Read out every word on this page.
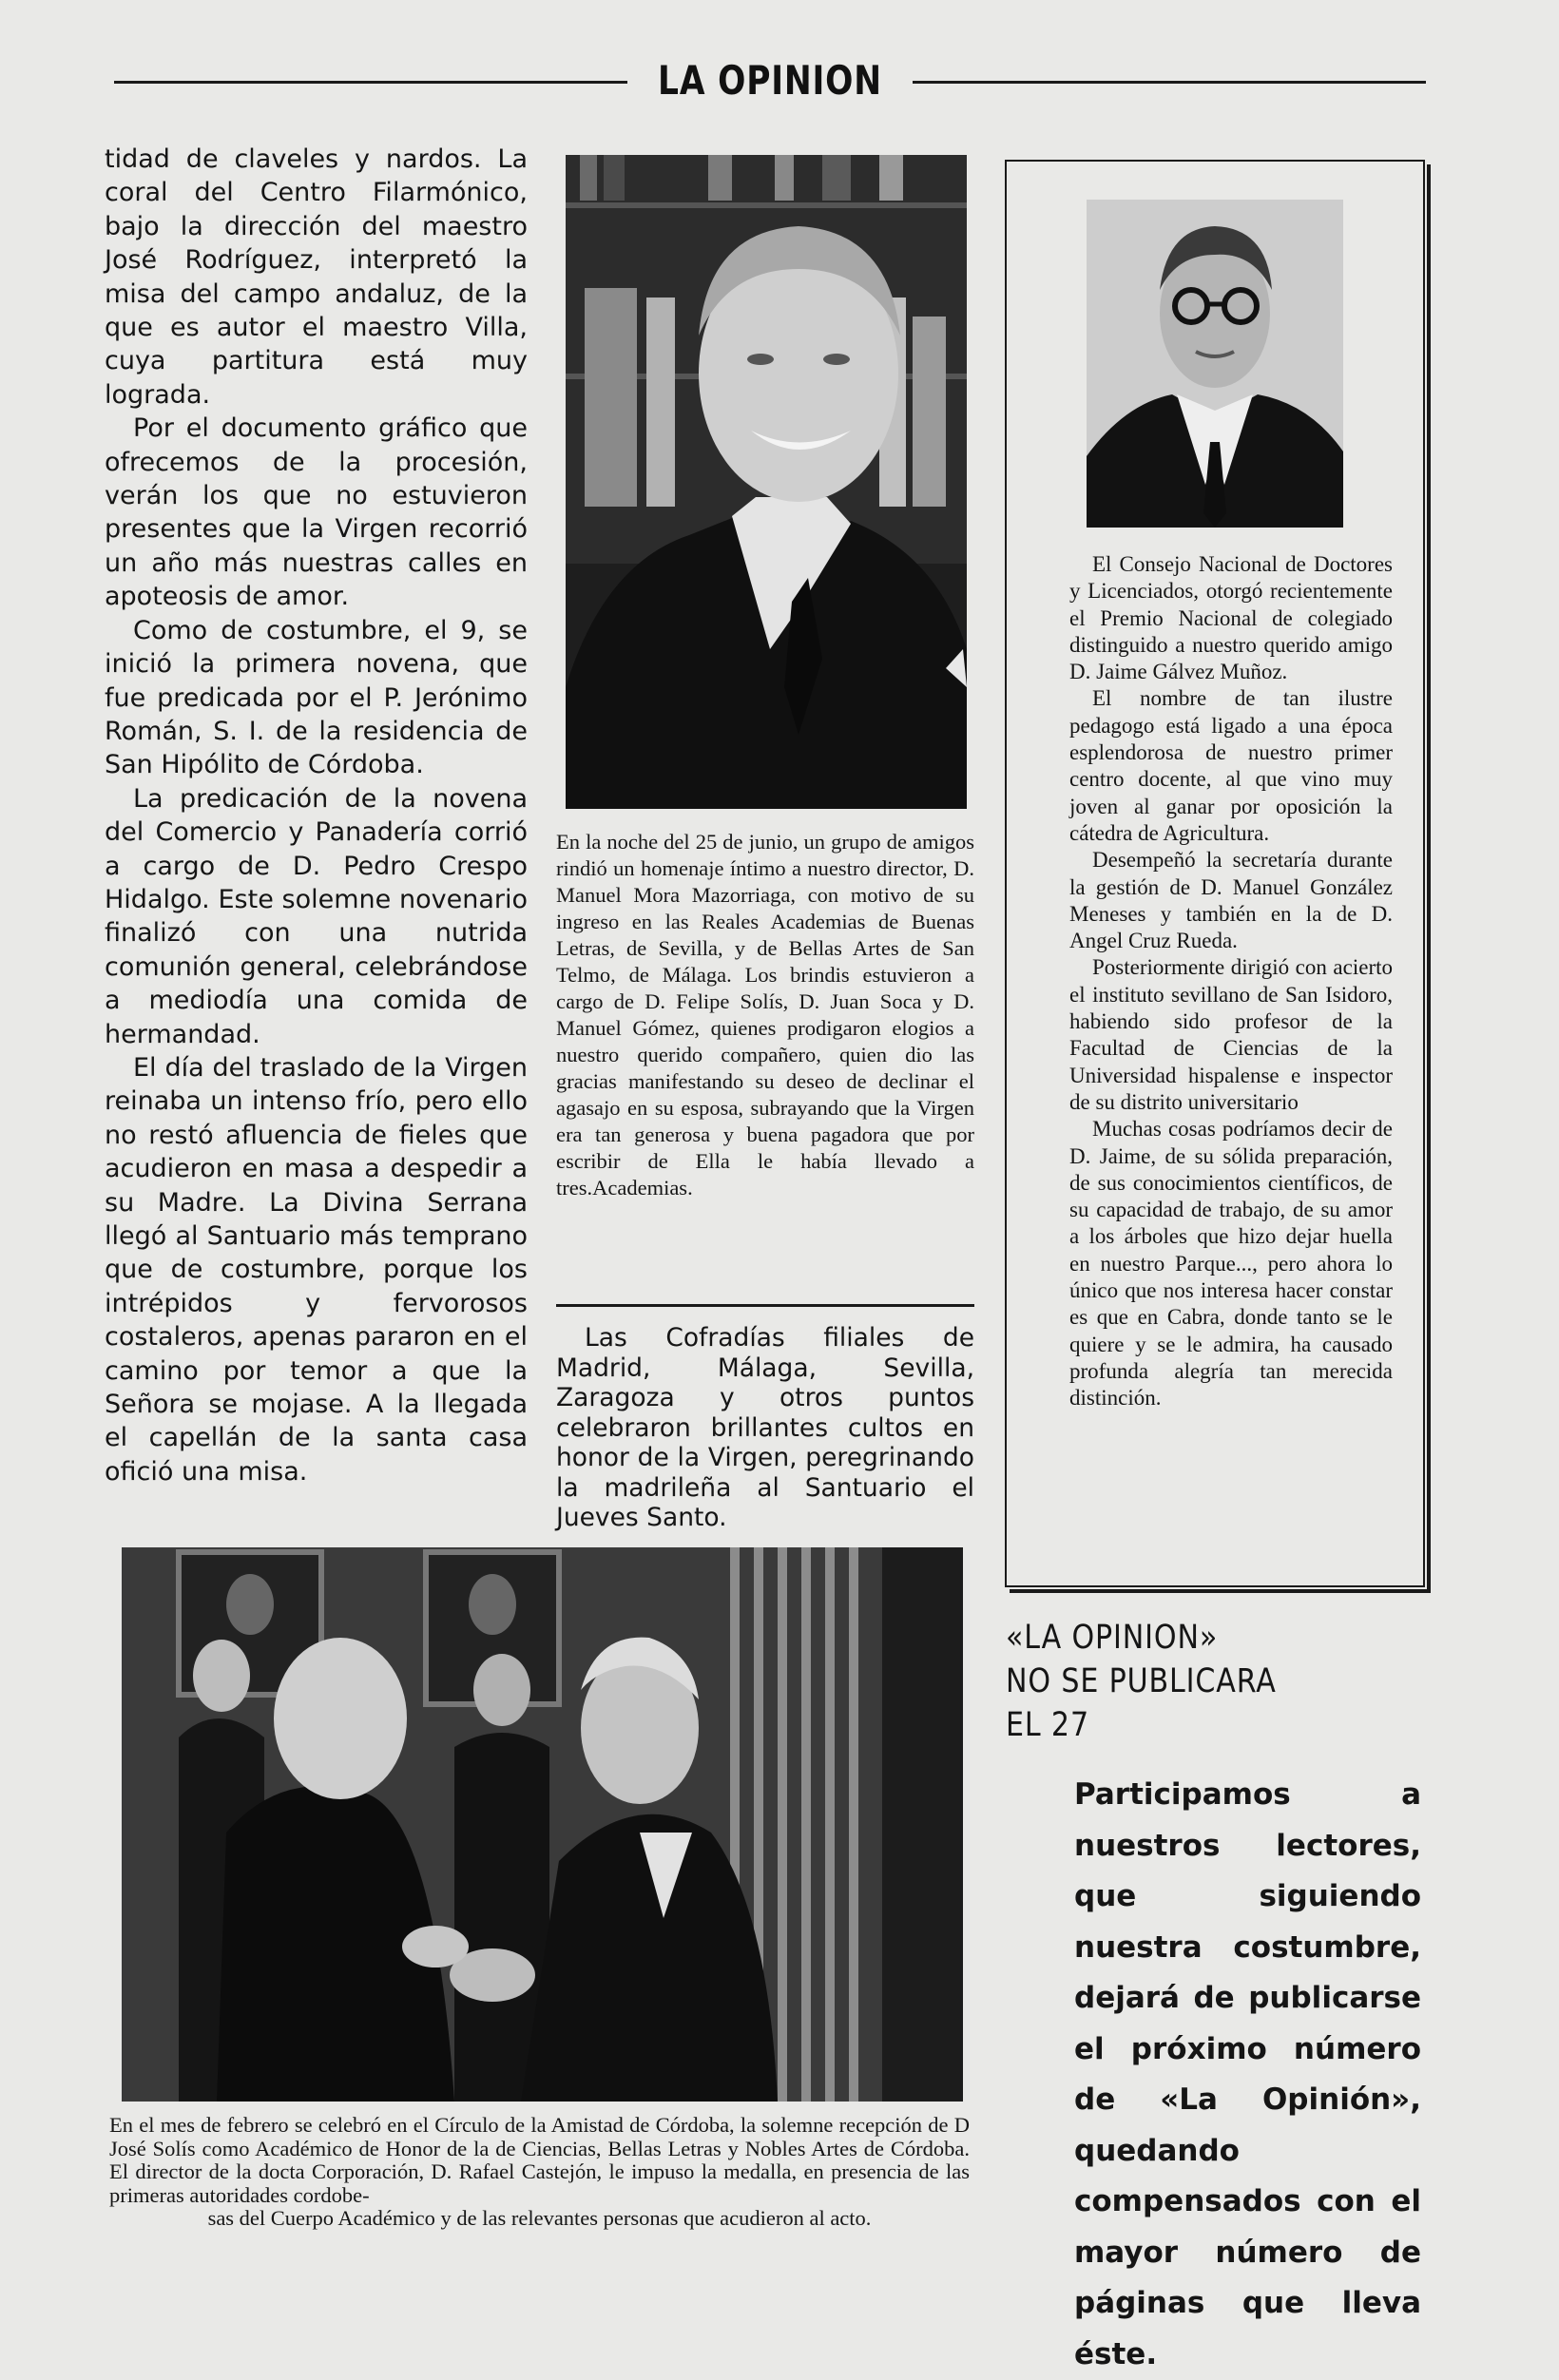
LA OPINION

tidad de claveles y nardos. La coral del Centro Filarmónico, bajo la dirección del maestro José Rodríguez, interpretó la misa del campo andaluz, de la que es autor el maestro Villa, cuya partitura está muy lograda.

Por el documento gráfico que ofrecemos de la procesión, verán los que no estuvieron presentes que la Virgen recorrió un año más nuestras calles en apoteosis de amor.

Como de costumbre, el 9, se inició la primera novena, que fue predicada por el P. Jerónimo Román, S. I. de la residencia de San Hipólito de Córdoba.

La predicación de la novena del Comercio y Panadería corrió a cargo de D. Pedro Crespo Hidalgo. Este solemne novenario finalizó con una nutrida comunión general, celebrándose a mediodía una comida de hermandad.

El día del traslado de la Virgen reinaba un intenso frío, pero ello no restó afluencia de fieles que acudieron en masa a despedir a su Madre. La Divina Serrana llegó al Santuario más temprano que de costumbre, porque los intrépidos y fervorosos costaleros, apenas pararon en el camino por temor a que la Señora se mojase. A la llegada el capellán de la santa casa ofició una misa.

En la noche del 25 de junio, un grupo de amigos rindió un homenaje íntimo a nuestro director, D. Manuel Mora Mazorriaga, con motivo de su ingreso en las Reales Academias de Buenas Letras, de Sevilla, y de Bellas Artes de San Telmo, de Málaga. Los brindis estuvieron a cargo de D. Felipe Solís, D. Juan Soca y D. Manuel Gómez, quienes prodigaron elogios a nuestro querido compañero, quien dio las gracias manifestando su deseo de declinar el agasajo en su esposa, subrayando que la Virgen era tan generosa y buena pagadora que por escribir de Ella le había llevado a tres.Academias.
Las Cofradías filiales de Madrid, Málaga, Sevilla, Zaragoza y otros puntos celebraron brillantes cultos en honor de la Virgen, peregrinando la madrileña al Santuario el Jueves Santo.

El Consejo Nacional de Doctores y Licenciados, otorgó recientemente el Premio Nacional de colegiado distinguido a nuestro querido amigo D. Jaime Gálvez Muñoz.

El nombre de tan ilustre pedagogo está ligado a una época esplendorosa de nuestro primer centro docente, al que vino muy joven al ganar por oposición la cátedra de Agricultura.

Desempeñó la secretaría durante la gestión de D. Manuel González Meneses y también en la de D. Angel Cruz Rueda.

Posteriormente dirigió con acierto el instituto sevillano de San Isidoro, habiendo sido profesor de la Facultad de Ciencias de la Universidad hispalense e inspector de su distrito universitario

Muchas cosas podríamos decir de D. Jaime, de su sólida preparación, de sus conocimientos científicos, de su capacidad de trabajo, de su amor a los árboles que hizo dejar huella en nuestro Parque..., pero ahora lo único que nos interesa hacer constar es que en Cabra, donde tanto se le quiere y se le admira, ha causado profunda alegría tan merecida distinción.

En el mes de febrero se celebró en el Círculo de la Amistad de Córdoba, la solemne recepción de D José Solís como Académico de Honor de la de Ciencias, Bellas Letras y Nobles Artes de Córdoba. El director de la docta Corporación, D. Rafael Castejón, le impuso la medalla, en presencia de las primeras autoridades cordobe-
sas del Cuerpo Académico y de las relevantes personas que acudieron al acto.
«LA OPINION»
NO SE PUBLICARA
EL 27
Participamos a nuestros lectores, que siguiendo nuestra costumbre, dejará de publicarse el próximo número de «La Opinión», quedando compensados con el mayor número de páginas que lleva éste.
